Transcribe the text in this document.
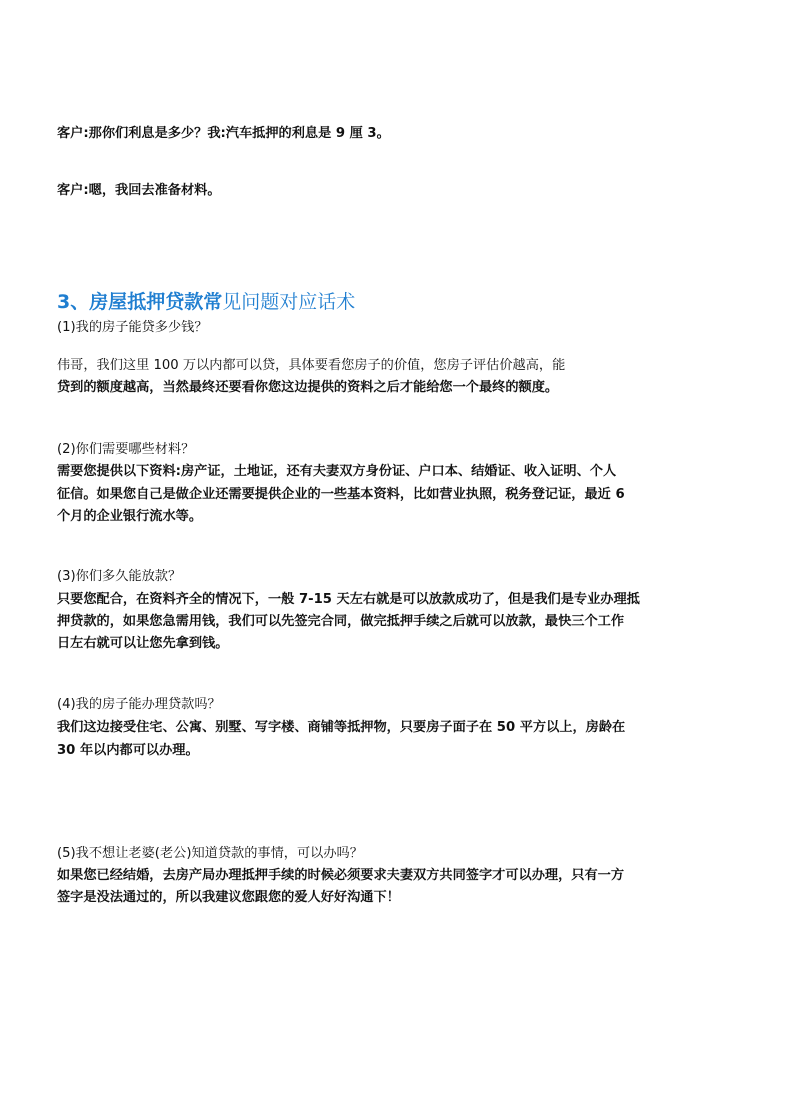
客户:那你们利息是多少？我:汽车抵押的利息是 9 厘 3。
客户:嗯，我回去准备材料。
3、房屋抵押贷款常见问题对应话术
(1)我的房子能贷多少钱？
伟哥，我们这里 100 万以内都可以贷，具体要看您房子的价值，您房子评估价越高，能
贷到的额度越高，当然最终还要看你您这边提供的资料之后才能给您一个最终的额度。
(2)你们需要哪些材料？
需要您提供以下资料:房产证，土地证，还有夫妻双方身份证、户口本、结婚证、收入证明、个人
征信。如果您自己是做企业还需要提供企业的一些基本资料，比如营业执照，税务登记证，最近 6
个月的企业银行流水等。
(3)你们多久能放款？
只要您配合，在资料齐全的情况下，一般 7-15 天左右就是可以放款成功了，但是我们是专业办理抵
押贷款的，如果您急需用钱，我们可以先签完合同，做完抵押手续之后就可以放款，最快三个工作
日左右就可以让您先拿到钱。
(4)我的房子能办理贷款吗？
我们这边接受住宅、公寓、别墅、写字楼、商铺等抵押物，只要房子面子在 50 平方以上，房龄在
30 年以内都可以办理。
(5)我不想让老婆(老公)知道贷款的事情，可以办吗？
如果您已经结婚，去房产局办理抵押手续的时候必须要求夫妻双方共同签字才可以办理，只有一方
签字是没法通过的，所以我建议您跟您的爱人好好沟通下！
